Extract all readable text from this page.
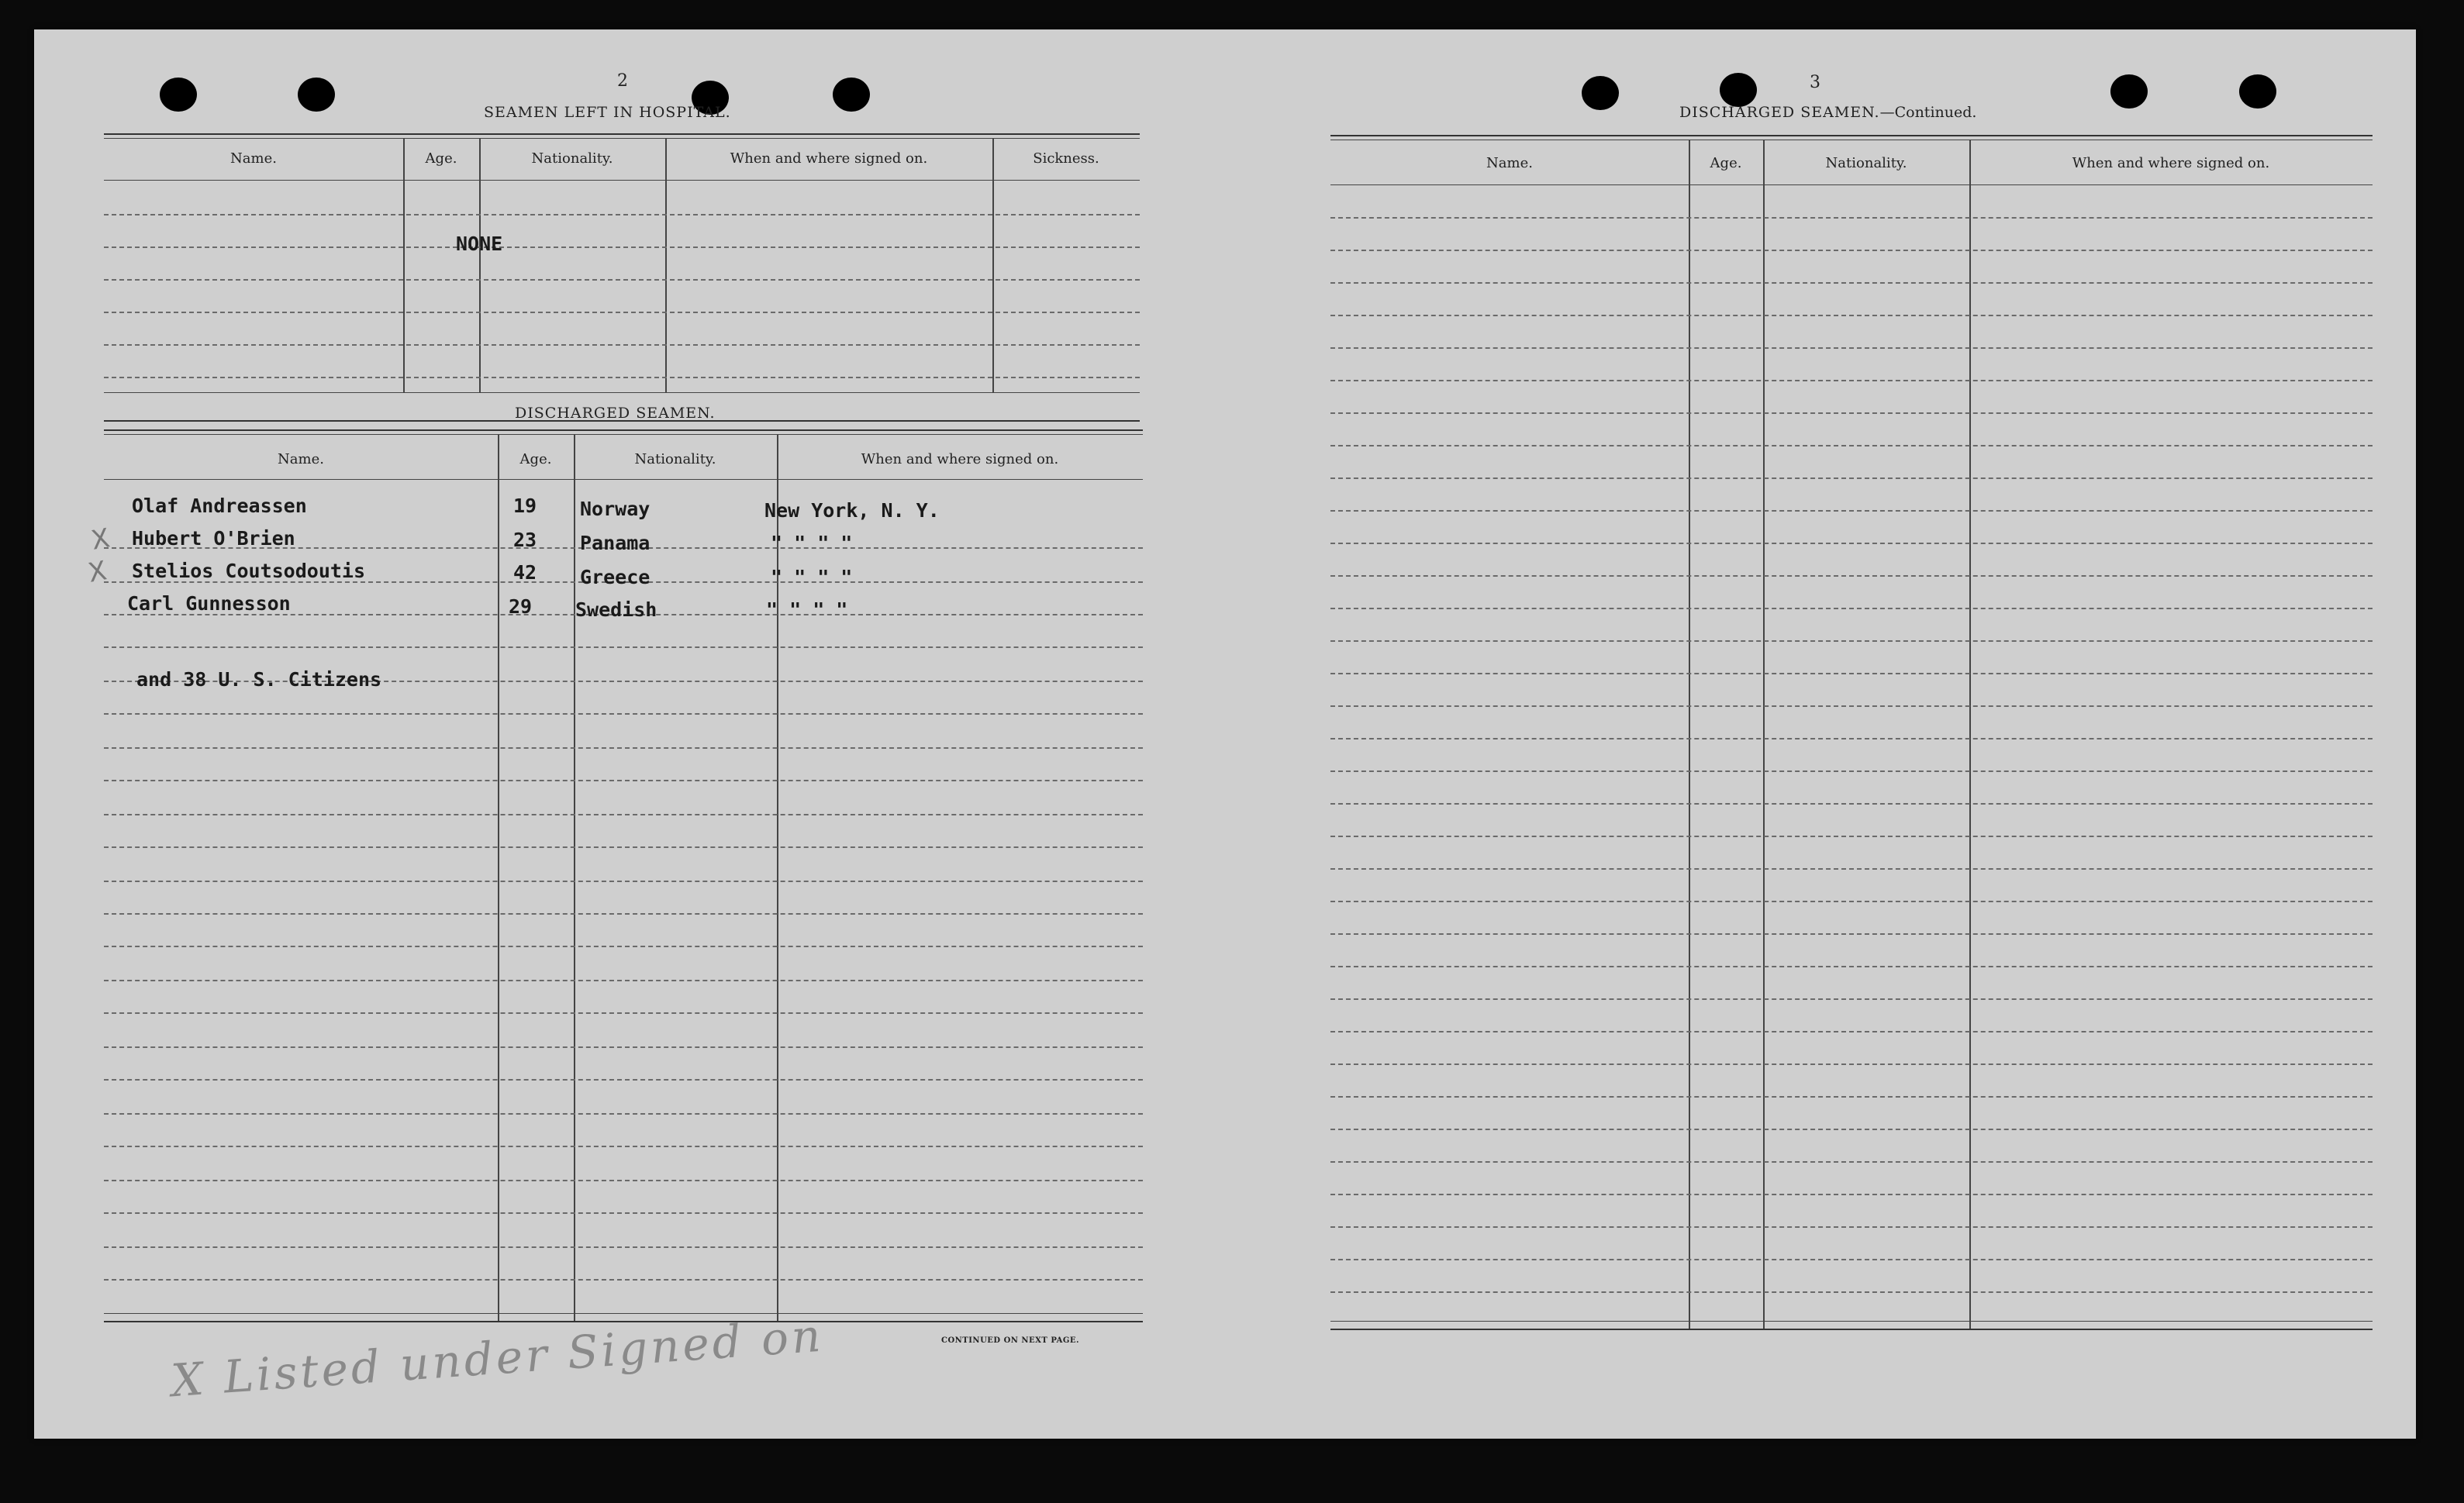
2
SEAMEN LEFT IN HOSPITAL.
Name.	Age.	Nationality.	When and where signed on.	Sickness.
NONE
DISCHARGED SEAMEN.
Name.	Age.	Nationality.	When and where signed on.
Olaf Andreassen	19 Norway	New York, N. Y.
Hubert O'Brien	23 Panama	" " " "
Stelios Coutsodoutis	42 Greece	" " " "
Carl Gunnesson	29 Swedish	" " " "
and 38 U. S. Citizens
X
X
CONTINUED ON NEXT PAGE.
X Listed under Signed on
3
DISCHARGED SEAMEN.—Continued.
Name.	Age.	Nationality.	When and where signed on.
